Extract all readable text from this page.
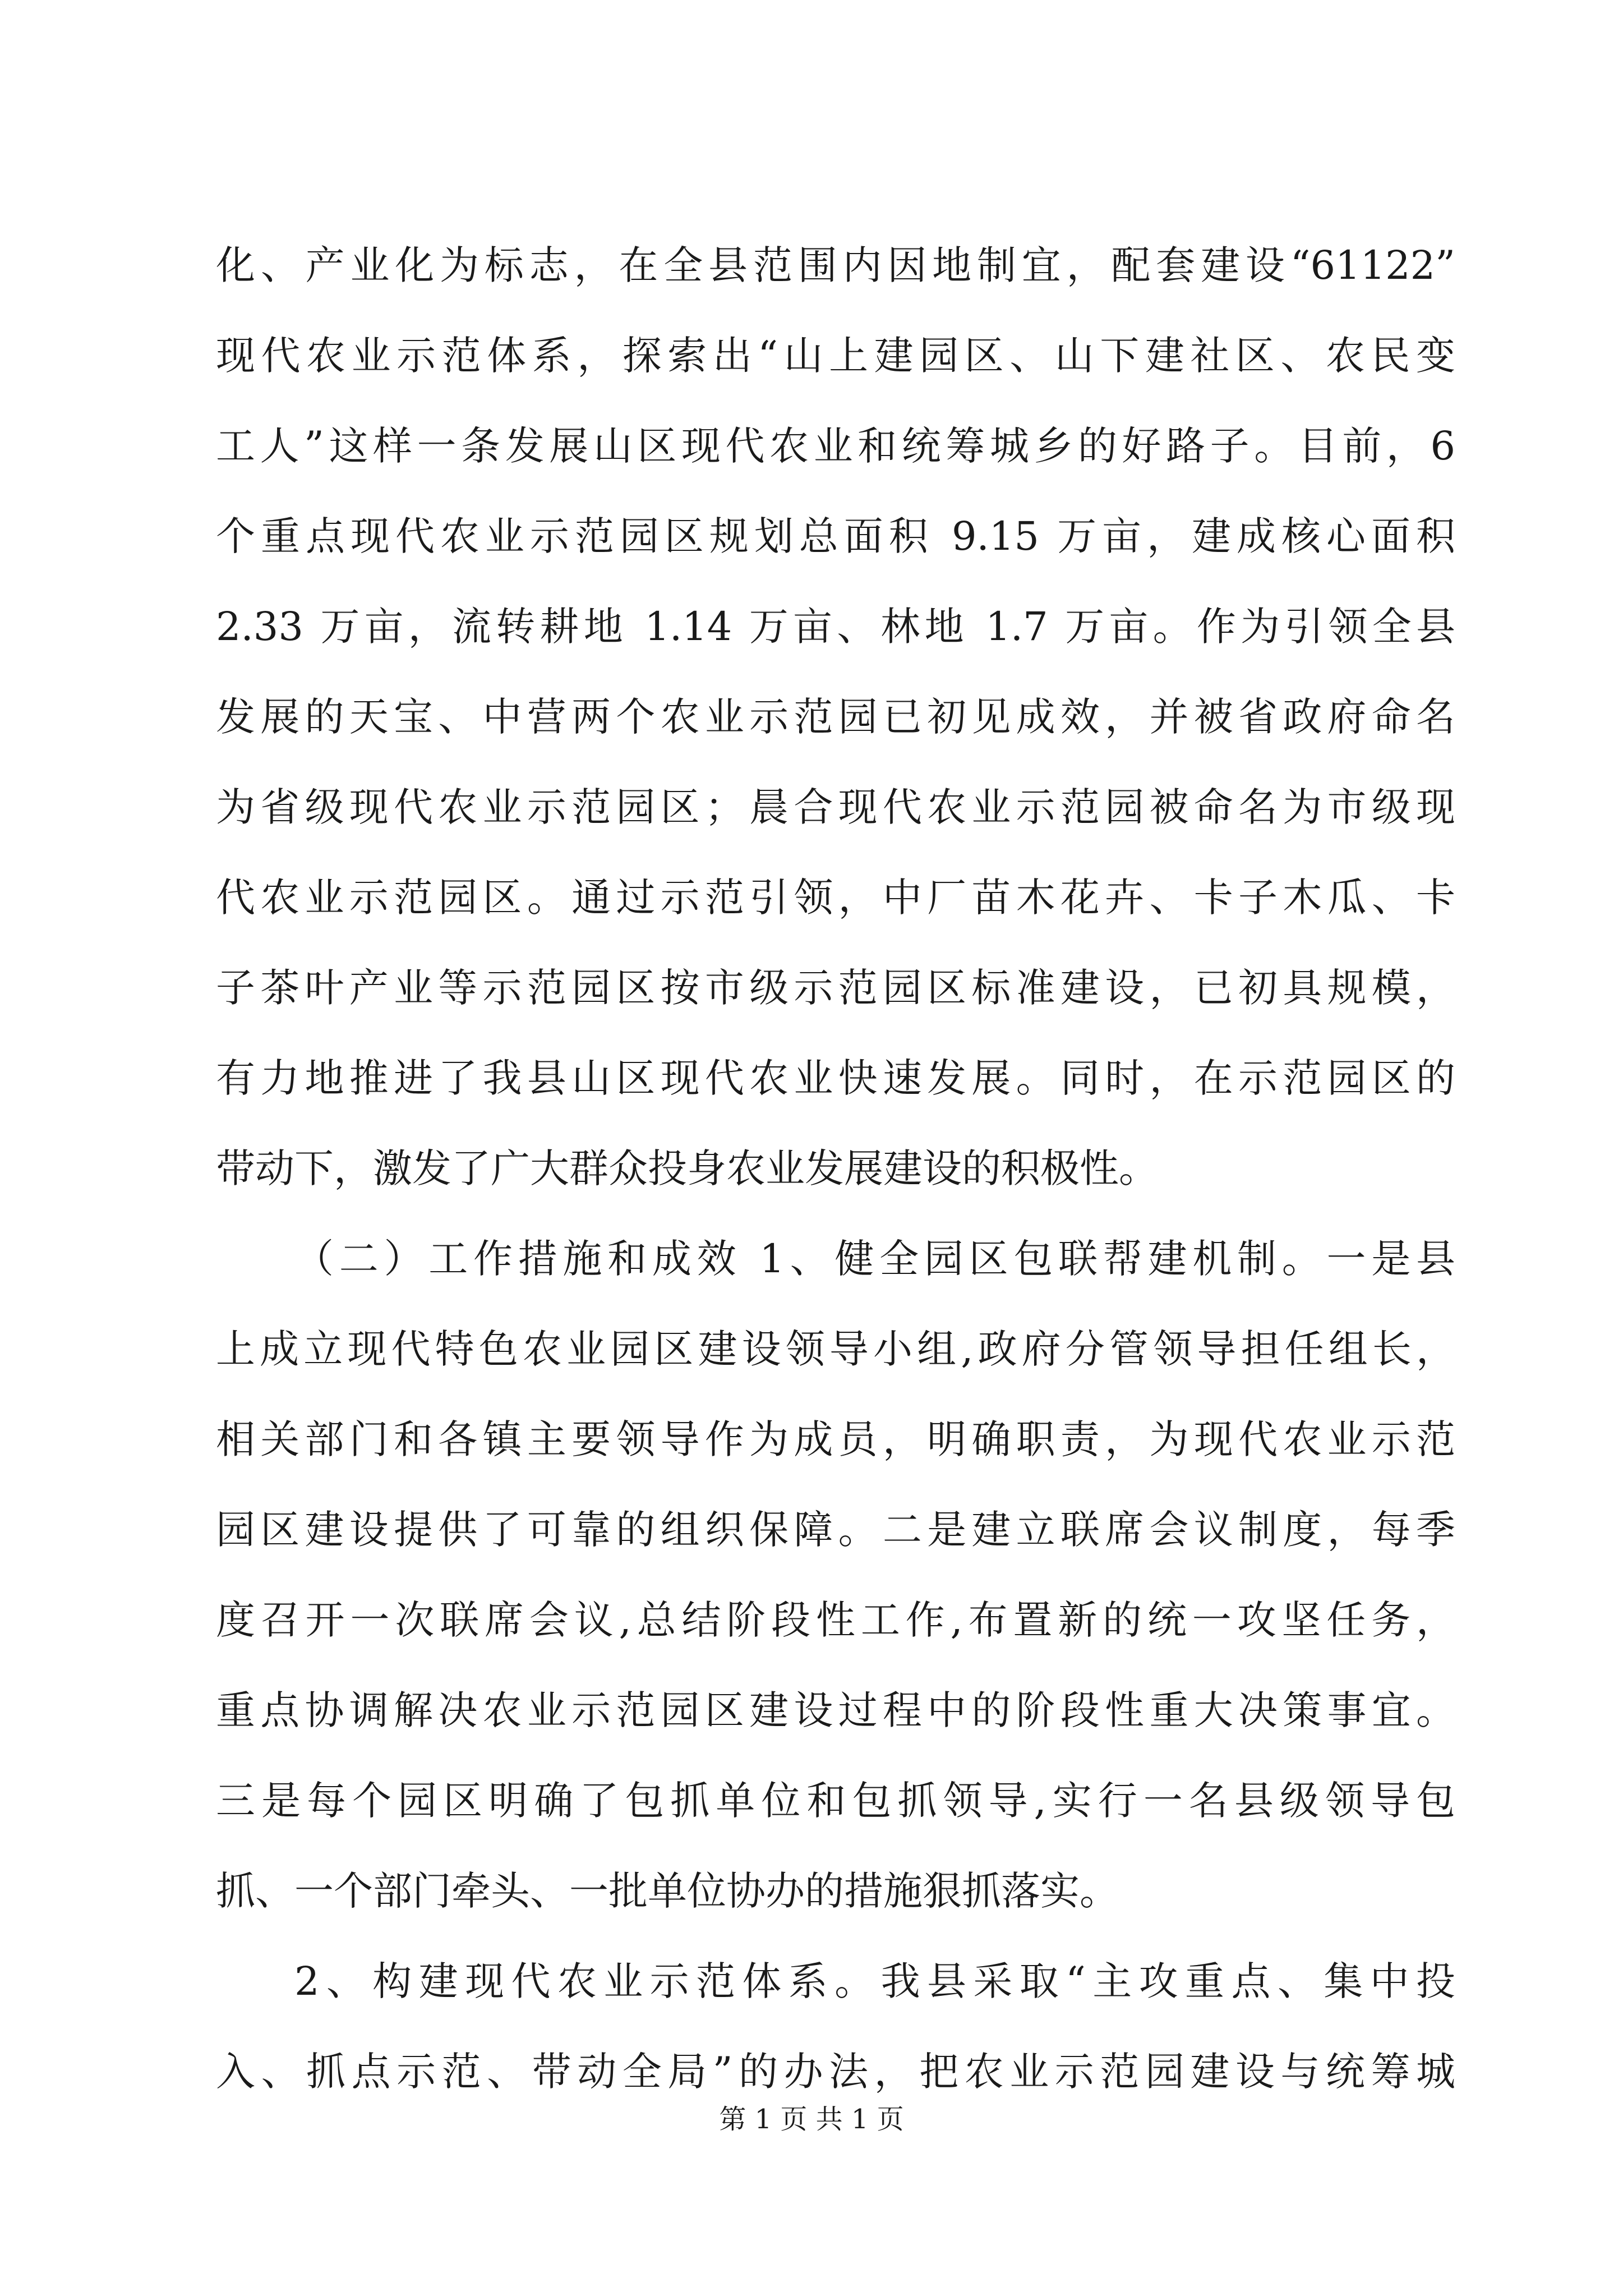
化、产业化为标志，在全县范围内因地制宜，配套建设“61122”
现代农业示范体系，探索出“山上建园区、山下建社区、农民变
工人”这样一条发展山区现代农业和统筹城乡的好路子。目前，6
个重点现代农业示范园区规划总面积 9.15 万亩，建成核心面积
2.33 万亩，流转耕地 1.14 万亩、林地 1.7 万亩。作为引领全县
发展的天宝、中营两个农业示范园已初见成效，并被省政府命名
为省级现代农业示范园区；晨合现代农业示范园被命名为市级现
代农业示范园区。通过示范引领，中厂苗木花卉、卡子木瓜、卡
子茶叶产业等示范园区按市级示范园区标准建设，已初具规模，
有力地推进了我县山区现代农业快速发展。同时，在示范园区的
带动下，激发了广大群众投身农业发展建设的积极性。
（二）工作措施和成效 1、健全园区包联帮建机制。一是县
上成立现代特色农业园区建设领导小组,政府分管领导担任组长，
相关部门和各镇主要领导作为成员，明确职责，为现代农业示范
园区建设提供了可靠的组织保障。二是建立联席会议制度，每季
度召开一次联席会议,总结阶段性工作,布置新的统一攻坚任务，
重点协调解决农业示范园区建设过程中的阶段性重大决策事宜。
三是每个园区明确了包抓单位和包抓领导,实行一名县级领导包
抓、一个部门牵头、一批单位协办的措施狠抓落实。
2、构建现代农业示范体系。我县采取“主攻重点、集中投
入、抓点示范、带动全局”的办法，把农业示范园建设与统筹城
第 1 页 共 1 页
